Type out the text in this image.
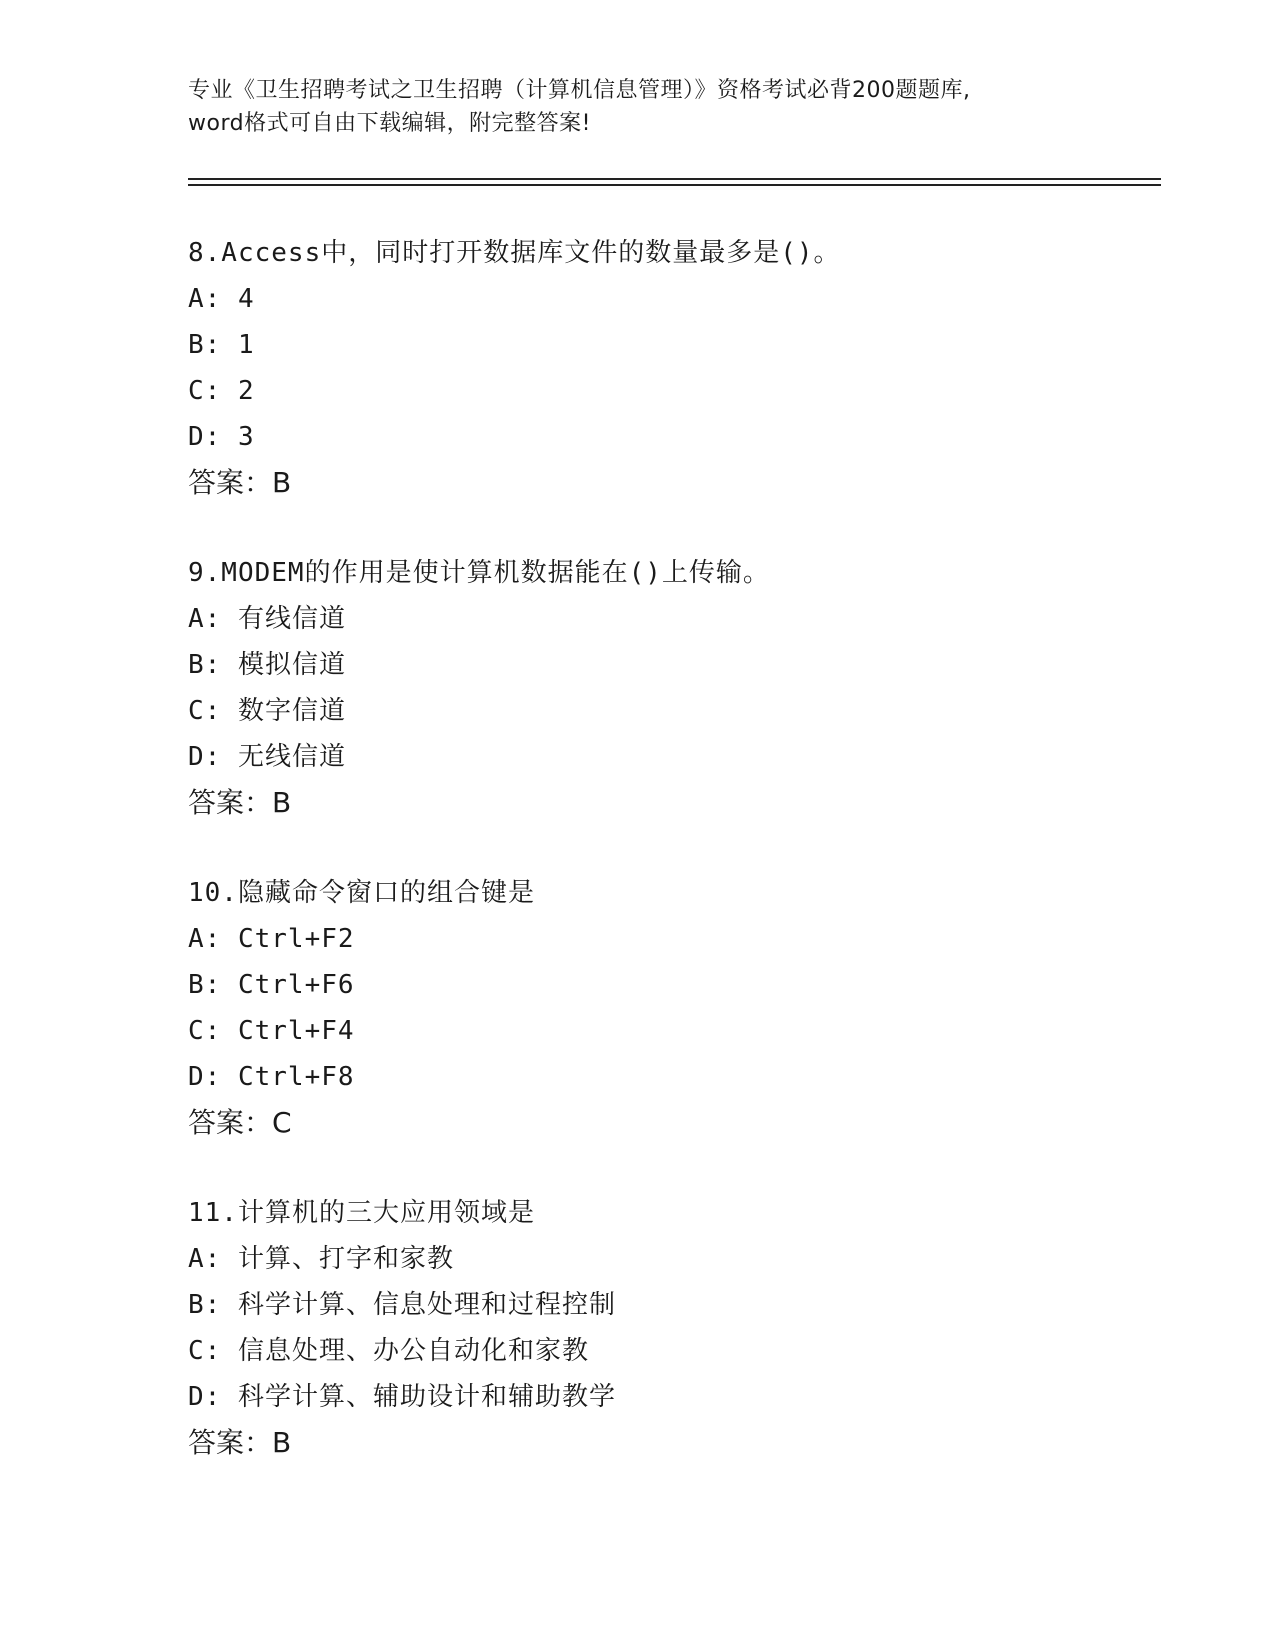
专业《卫生招聘考试之卫生招聘（计算机信息管理）》资格考试必背200题题库,
word格式可自由下载编辑，附完整答案!
8.Access中，同时打开数据库文件的数量最多是()。
A: 4
B: 1
C: 2
D: 3
答案：B
9.MODEM的作用是使计算机数据能在()上传输。
A: 有线信道
B: 模拟信道
C: 数字信道
D: 无线信道
答案：B
10.隐藏命令窗口的组合键是
A: Ctrl+F2
B: Ctrl+F6
C: Ctrl+F4
D: Ctrl+F8
答案：C
11.计算机的三大应用领域是
A: 计算、打字和家教
B: 科学计算、信息处理和过程控制
C: 信息处理、办公自动化和家教
D: 科学计算、辅助设计和辅助教学
答案：B
